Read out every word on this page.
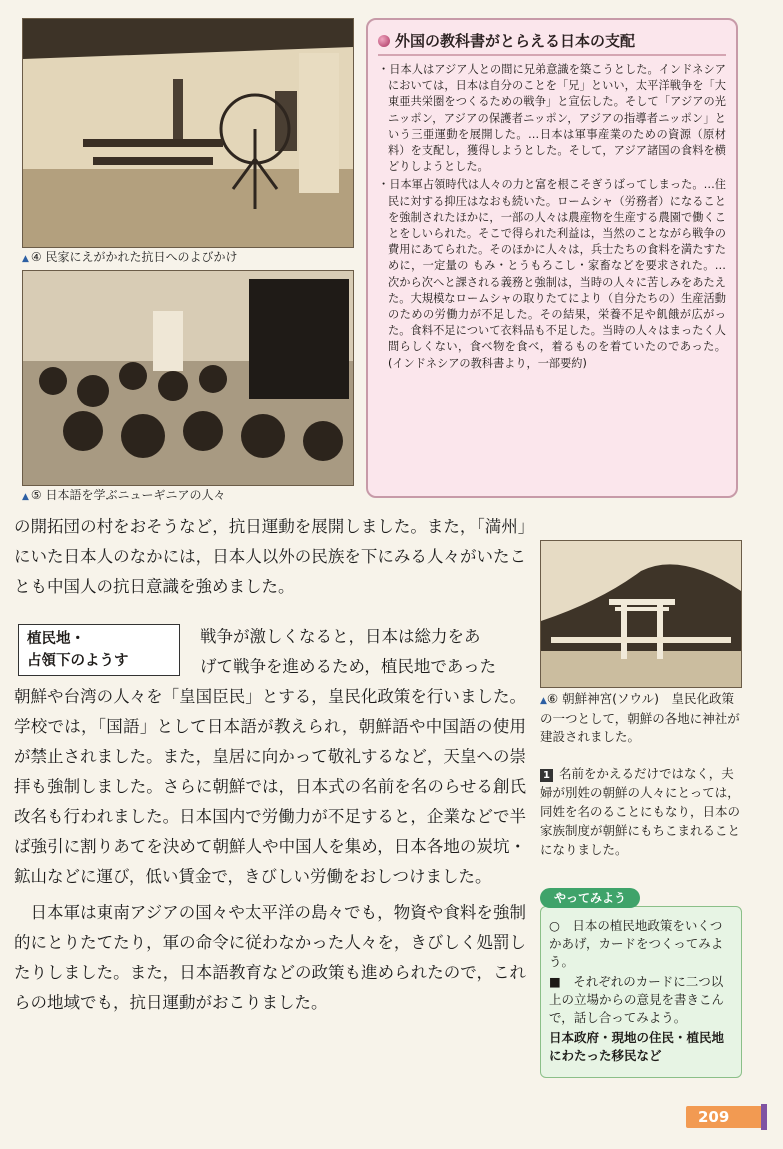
▲ ④ 民家にえがかれた抗日へのよびかけ
▲ ⑤ 日本語を学ぶニューギニアの人々
外国の教科書がとらえる日本の支配

・日本人はアジア人との間に兄弟意識を築こうとした。インドネシアにおいては，日本は自分のことを「兄」といい，太平洋戦争を「大東亜共栄圏をつくるための戦争」と宣伝した。そして「アジアの光ニッポン，アジアの保護者ニッポン，アジアの指導者ニッポン」という三亜運動を展開した。…日本は軍事産業のための資源（原材料）を支配し，獲得しようとした。そして，アジア諸国の食料を横どりしようとした。

・日本軍占領時代は人々の力と富を根こそぎうばってしまった。…住民に対する抑圧はなおも続いた。ロームシャ（労務者）になることを強制されたほかに，一部の人々は農産物を生産する農園で働くことをしいられた。そこで得られた利益は，当然のことながら戦争の費用にあてられた。そのほかに人々は，兵士たちの食料を満たすために，一定量の もみ・とうもろこし・家畜などを要求された。…次から次へと課される義務と強制は，当時の人々に苦しみをあたえた。大規模なロームシャの取りたてにより（自分たちの）生産活動のための労働力が不足した。その結果，栄養不足や飢餓が広がった。食料不足について衣料品も不足した。当時の人々はまったく人間らしくない，食べ物を食べ，着るものを着ていたのであった。(インドネシアの教科書より，一部要約)

の開拓団の村をおそうなど，抗日運動を展開しました。また，「満州」にいた日本人のなかには，日本人以外の民族を下にみる人々がいたことも中国人の抗日意識を強めました。

植民地・
占領下のようす

戦争が激しくなると，日本は総力をあ

げて戦争を進めるため，植民地であった

朝鮮や台湾の人々を「皇国臣民」とする，皇民化政策を行いました。学校では，「国語」として日本語が教えられ，朝鮮語や中国語の使用が禁止されました。また，皇居に向かって敬礼するなど，天皇への崇拝も強制しました。さらに朝鮮では，日本式の名前を名のらせる創氏改名も行われました。日本国内で労働力が不足すると，企業などで半ば強引に割りあてを決めて朝鮮人や中国人を集め，日本各地の炭坑・鉱山などに運び，低い賃金で，きびしい労働をおしつけました。

日本軍は東南アジアの国々や太平洋の島々でも，物資や食料を強制的にとりたてたり，軍の命令に従わなかった人々を，きびしく処罰したりしました。また，日本語教育などの政策も進められたので，これらの地域でも，抗日運動がおこりました。

▲⑥ 朝鮮神宮(ソウル)　皇民化政策の一つとして，朝鮮の各地に神社が建設されました。
1 名前をかえるだけではなく，夫婦が別姓の朝鮮の人々にとっては，同姓を名のることにもなり，日本の家族制度が朝鮮にもちこまれることになりました。

○　日本の植民地政策をいくつかあげ，カードをつくってみよう。

■　それぞれのカードに二つ以上の立場からの意見を書きこんで，話し合ってみよう。

日本政府・現地の住民・植民地にわたった移民など

やってみよう
209
